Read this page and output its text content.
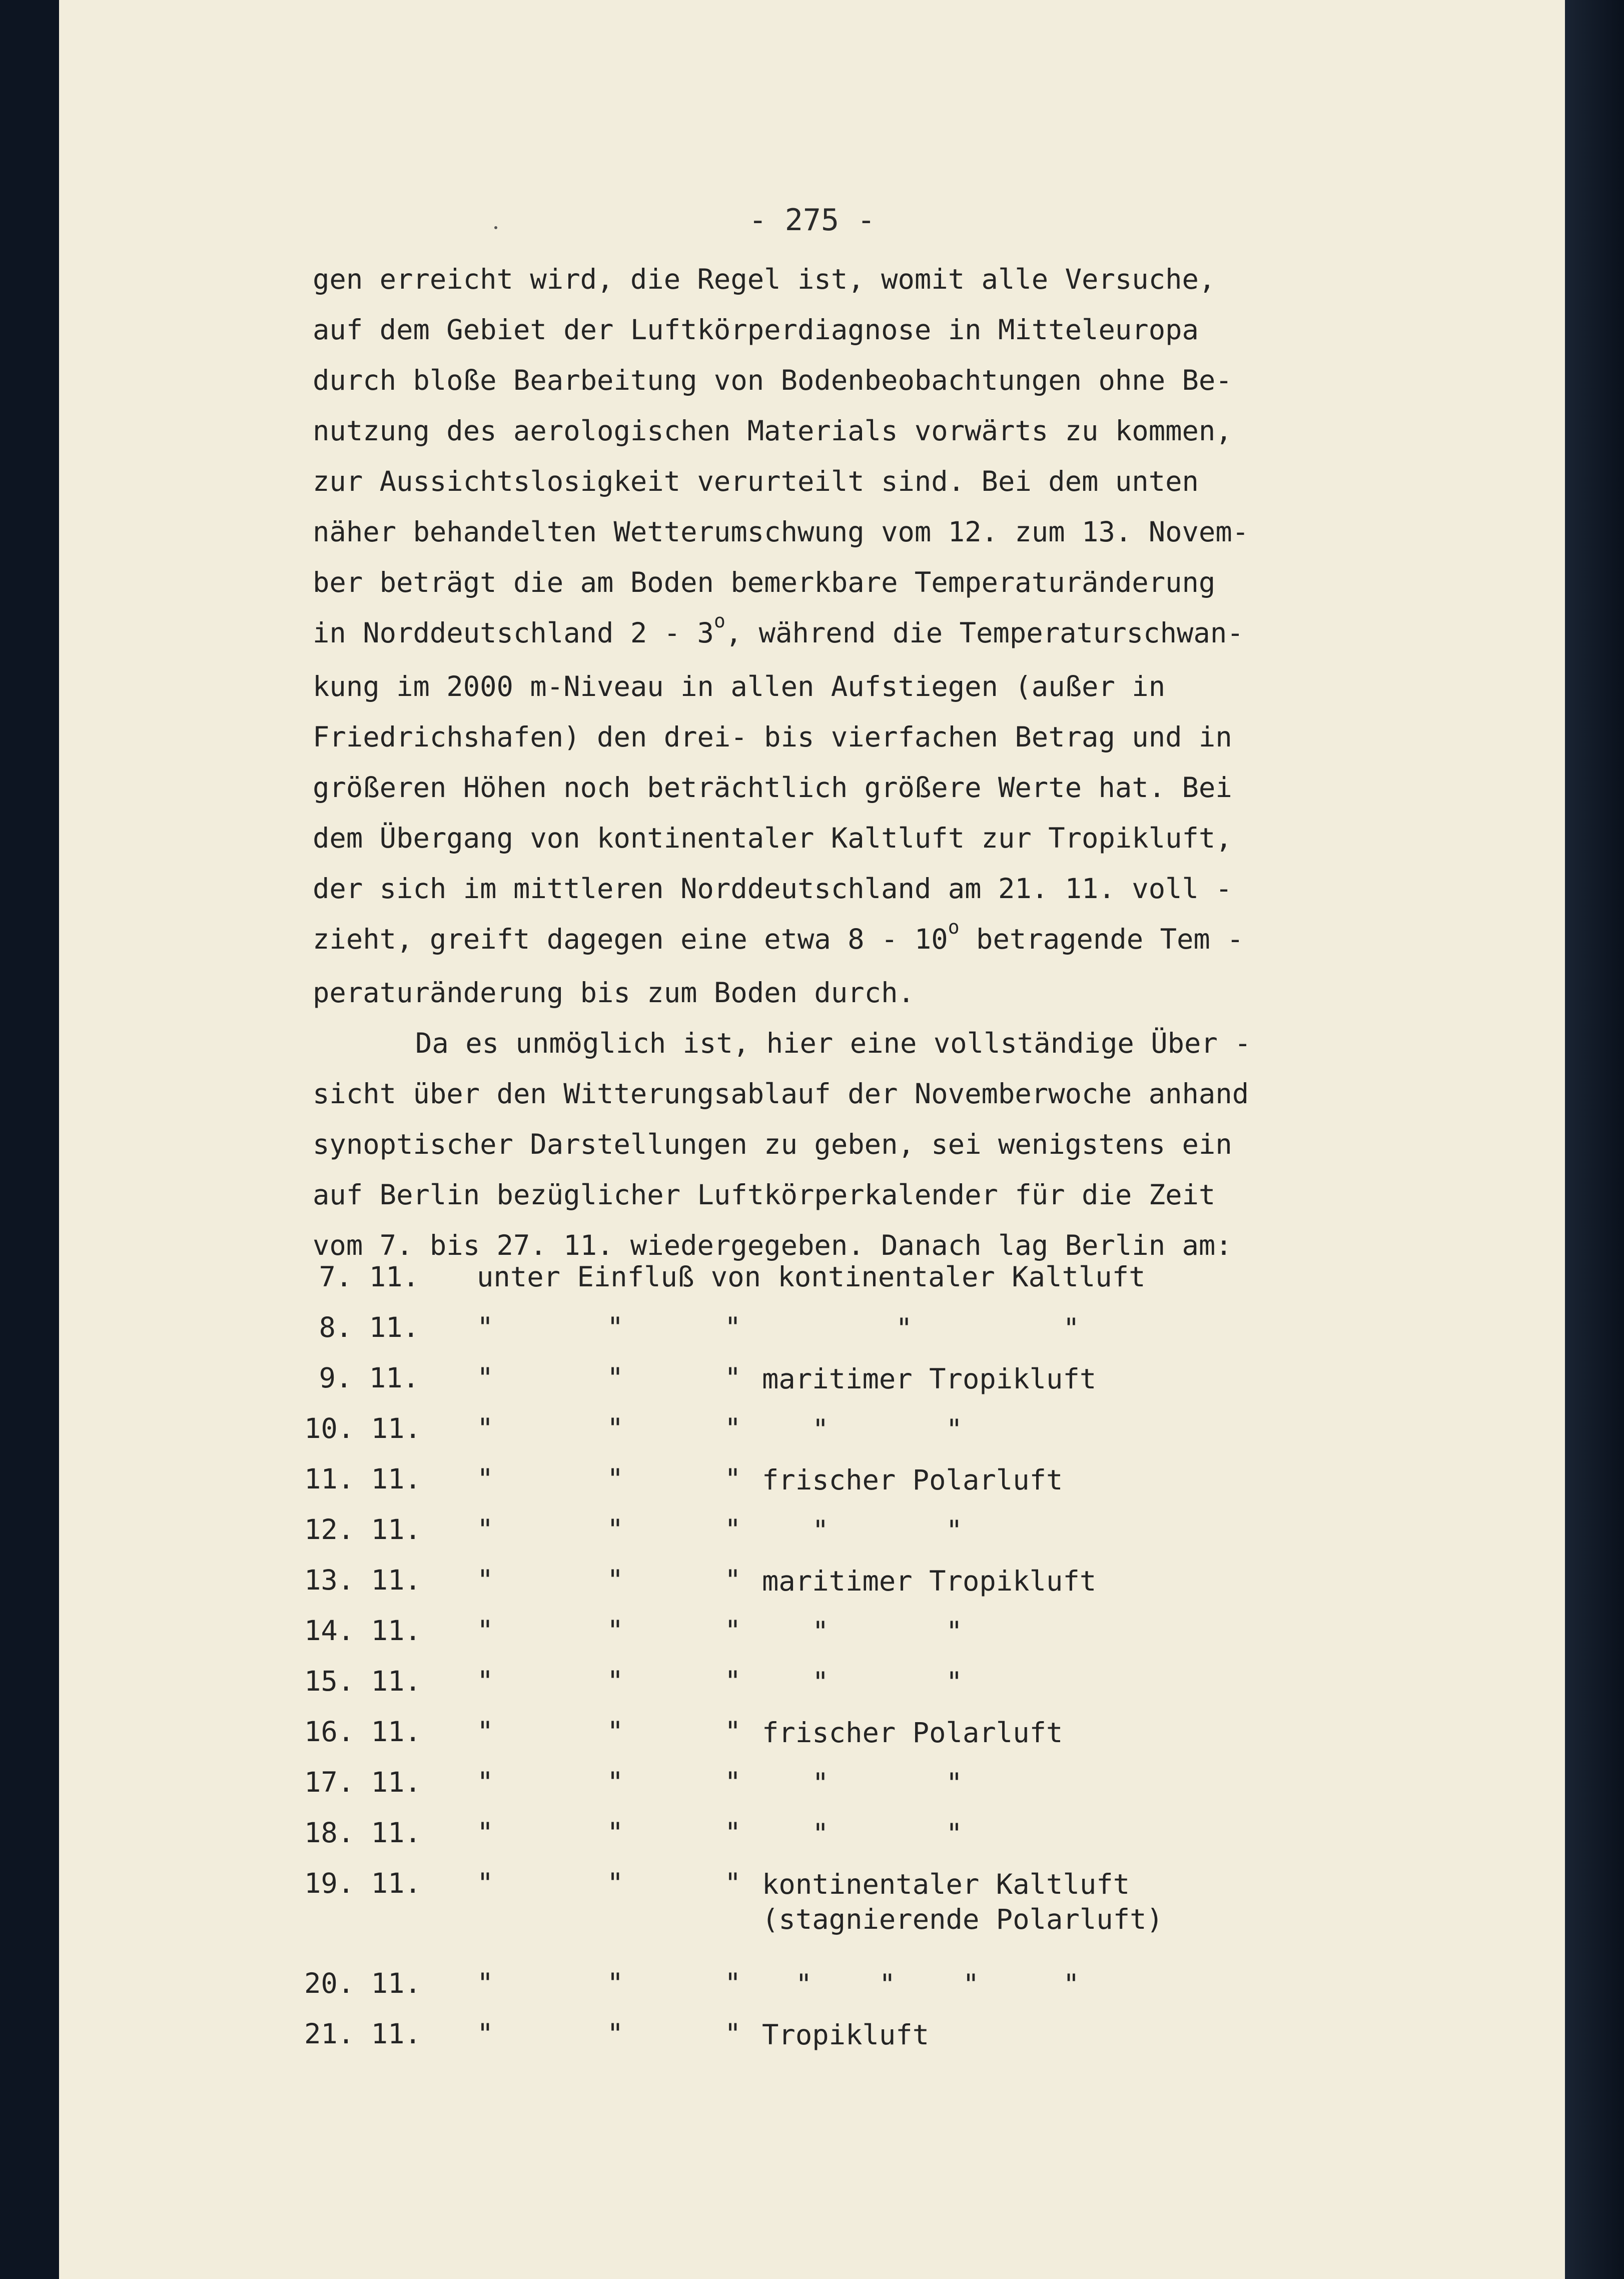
- 275 -
gen erreicht wird, die Regel ist, womit alle Versuche,
auf dem Gebiet der Luftkörperdiagnose in Mitteleuropa
durch bloße Bearbeitung von Bodenbeobachtungen ohne Be-
nutzung des aerologischen Materials vorwärts zu kommen,
zur Aussichtslosigkeit verurteilt sind. Bei dem unten
näher behandelten Wetterumschwung vom 12. zum 13. Novem-
ber beträgt die am Boden bemerkbare Temperaturänderung
in Norddeutschland 2 - 3$^o$, während die Temperaturschwan-
kung im 2000 m-Niveau in allen Aufstiegen (außer in
Friedrichshafen) den drei- bis vierfachen Betrag und in
größeren Höhen noch beträchtlich größere Werte hat. Bei
dem Übergang von kontinentaler Kaltluft zur Tropikluft,
der sich im mittleren Norddeutschland am 21. 11. voll -
zieht, greift dagegen eine etwa 8 - 10$^o$ betragende Tem -
peraturänderung bis zum Boden durch.
Da es unmöglich ist, hier eine vollständige Über -
sicht über den Witterungsablauf der Novemberwoche anhand
synoptischer Darstellungen zu geben, sei wenigstens ein
auf Berlin bezüglicher Luftkörperkalender für die Zeit
vom 7. bis 27. 11. wiedergegeben. Danach lag Berlin am:
7. 11. unter Einfluß von kontinentaler Kaltluft
8. 11. "	"	" "         "
9. 11. "	"	" maritimer Tropikluft
10. 11. "	"	" "       "
11. 11. "	"	" frischer Polarluft
12. 11. "	"	" "       "
13. 11. "	"	" maritimer Tropikluft
14. 11. "	"	" "       "
15. 11. "	"	" "       "
16. 11. "	"	" frischer Polarluft
17. 11. "	"	" "       "
18. 11. "	"	" "       "
19. 11. "	"	" kontinentaler Kaltluft
(stagnierende Polarluft)
20. 11. "	"	" "    "    "     "
21. 11. "	"	" Tropikluft
